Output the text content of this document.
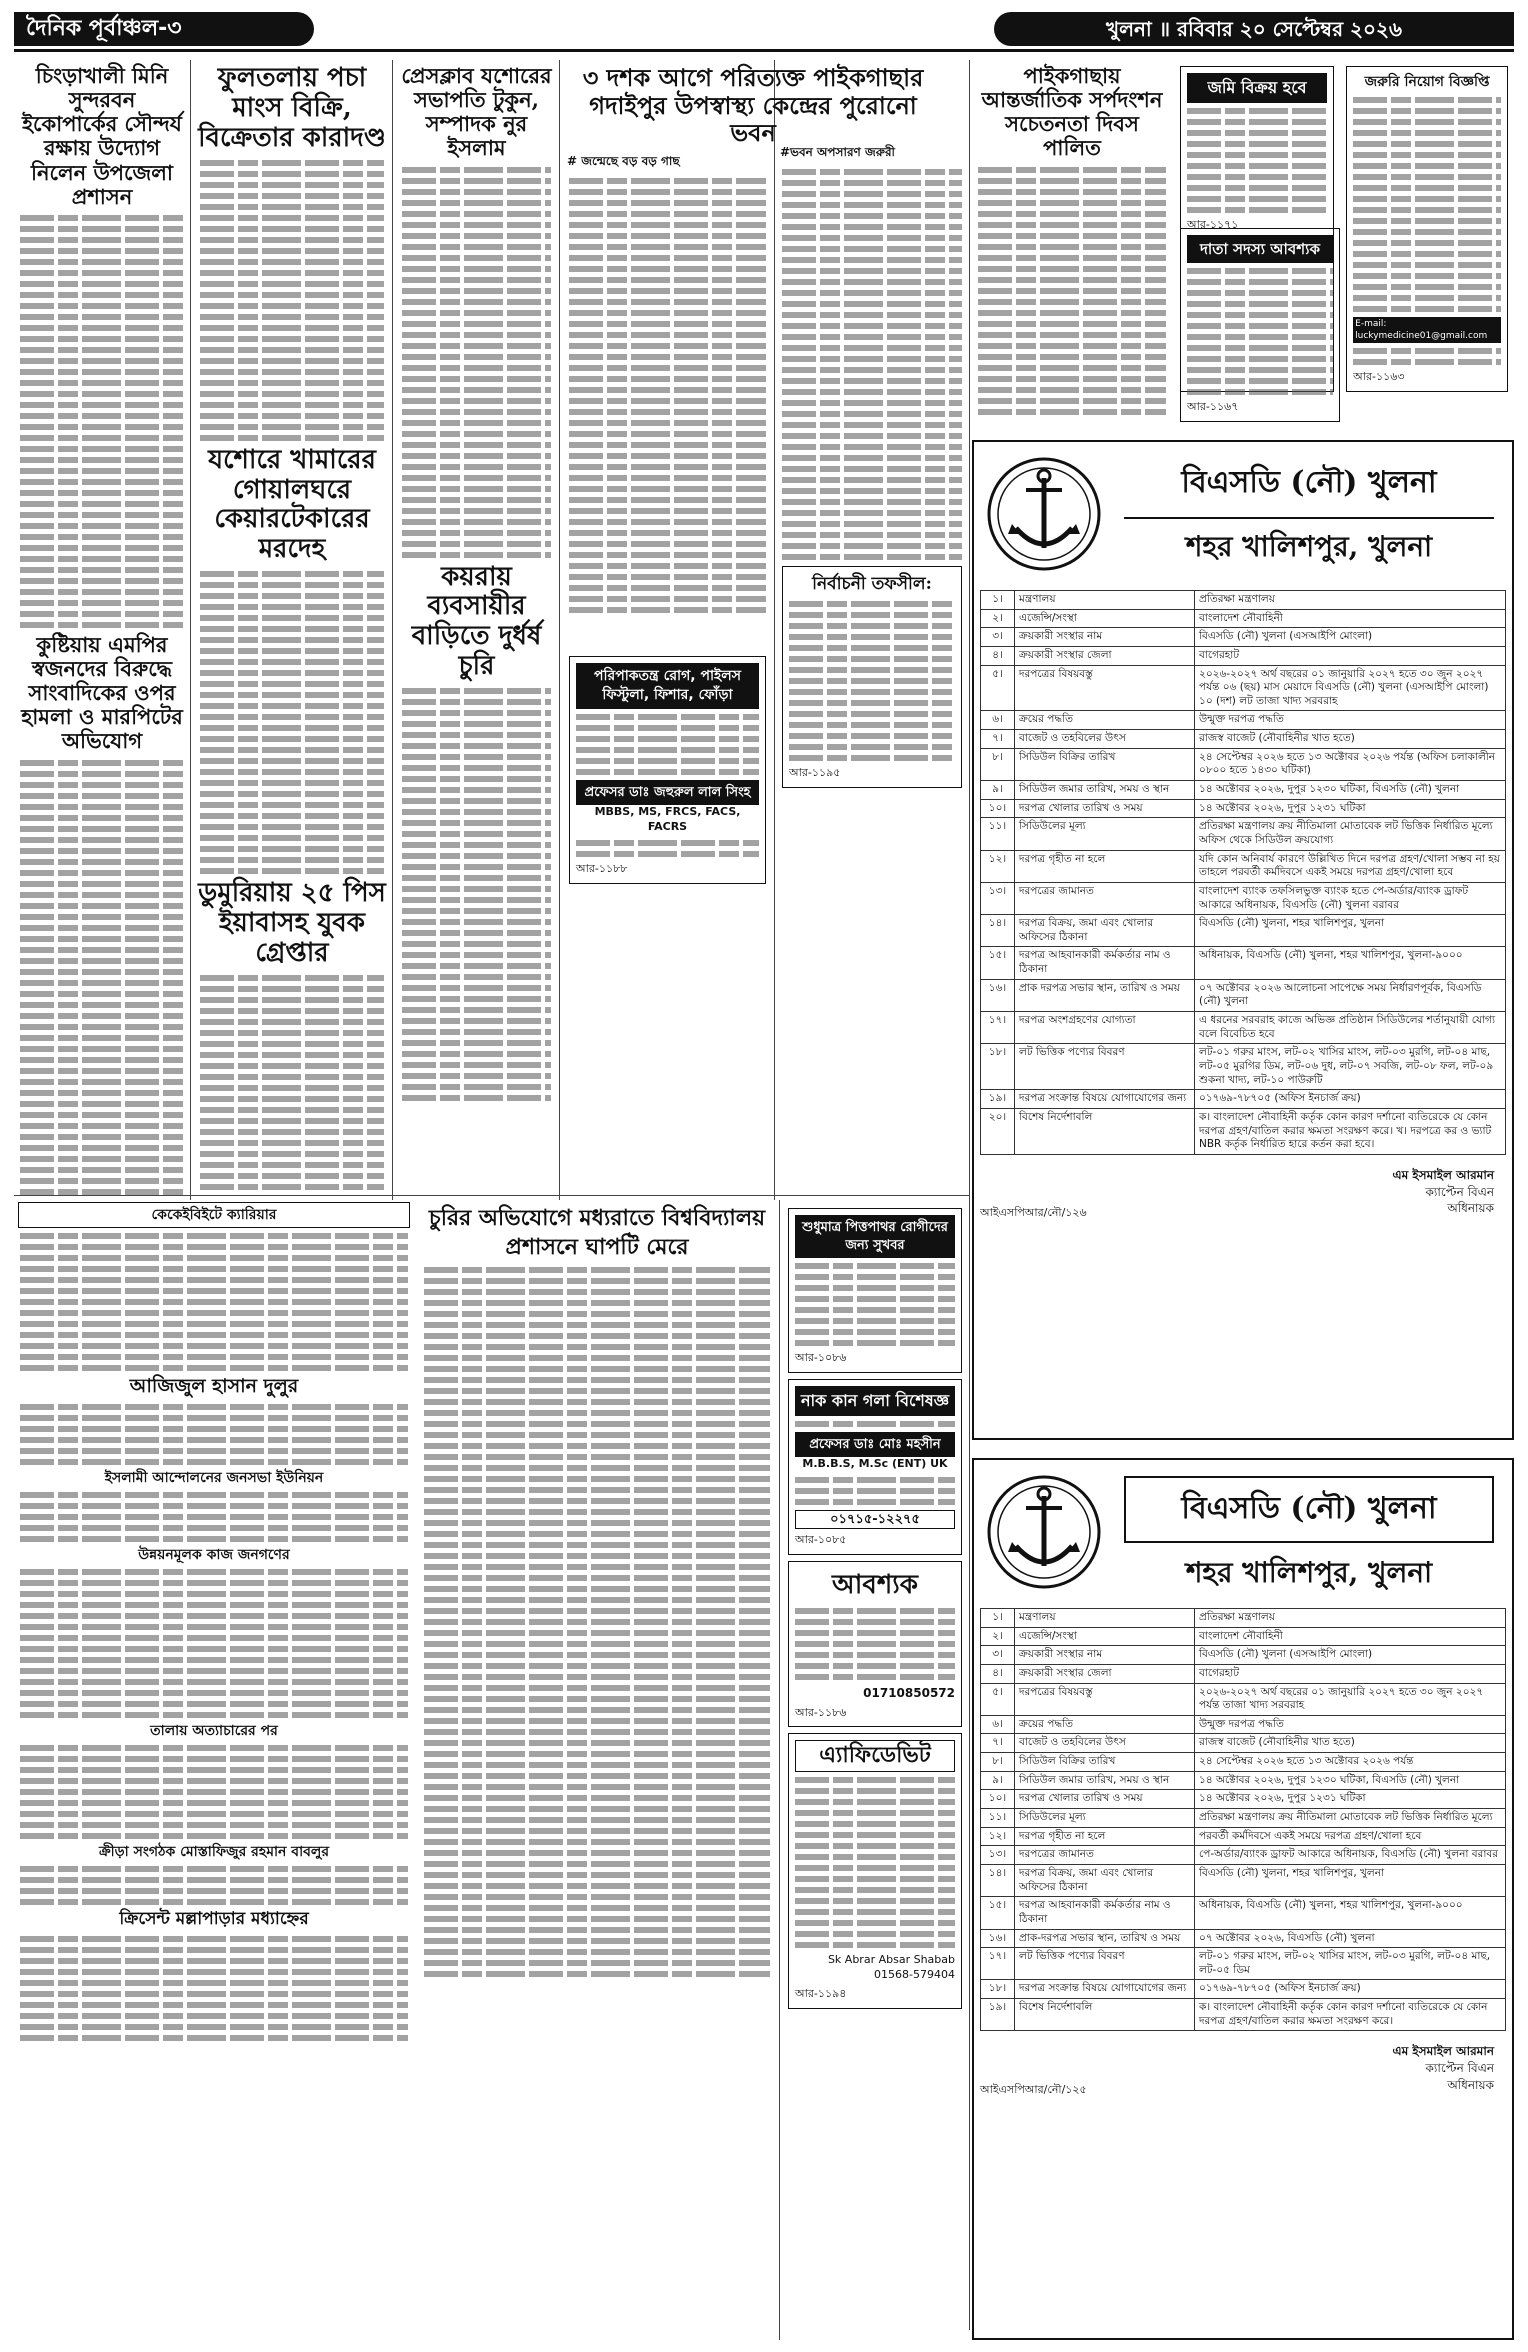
দৈনিক পূর্বাঞ্চল-৩	খুলনা ॥ রবিবার ২০ সেপ্টেম্বর ২০২৬
চিংড়াখালী মিনি সুন্দরবন ইকোপার্কের সৌন্দর্য রক্ষায় উদ্যোগ নিলেন উপজেলা প্রশাসন
কুষ্টিয়ায় এমপির স্বজনদের বিরুদ্ধে সাংবাদিকের ওপর হামলা ও মারপিটের অভিযোগ
ফুলতলায় পচা মাংস বিক্রি, বিক্রেতার কারাদণ্ড
যশোরে খামারের গোয়ালঘরে কেয়ারটেকারের মরদেহ
ডুমুরিয়ায় ২৫ পিস ইয়াবাসহ যুবক গ্রেপ্তার
প্রেসক্লাব যশোরের সভাপতি টুকুন, সম্পাদক নুর ইসলাম
কয়রায় ব্যবসায়ীর বাড়িতে দুর্ধর্ষ চুরি
৩ দশক আগে পরিত্যক্ত পাইকগাছার গদাইপুর উপস্বাস্থ্য কেন্দ্রের পুরোনো ভবন
# জন্মেছে বড় বড় গাছ
#ভবন অপসারণ জরুরী
নির্বাচনী তফসীল:
আর-১১৯৫
পরিপাকতন্ত্র রোগ, পাইলস ফিস্টুলা, ফিশার, ফোঁড়া
প্রফেসর ডাঃ জহুরুল লাল সিংহ
MBBS, MS, FRCS, FACS, FACRS
আর-১১৮৮
পাইকগাছায় আন্তর্জাতিক সর্পদংশন সচেতনতা দিবস পালিত
জমি বিক্রয় হবে
আর-১১৭১
জরুরি নিয়োগ বিজ্ঞপ্তি
E-mail: luckymedicine01@gmail.com
আর-১১৬৩
দাতা সদস্য আবশ্যক
আর-১১৬৭
বিএসডি (নৌ) খুলনা
শহর খালিশপুর, খুলনা
১।	মন্ত্রণালয়	প্রতিরক্ষা মন্ত্রণালয়
২।	এজেন্সি/সংস্থা	বাংলাদেশ নৌবাহিনী
৩।	ক্রয়কারী সংস্থার নাম	বিএসডি (নৌ) খুলনা (এসআইপি মোংলা)
৪।	ক্রয়কারী সংস্থার জেলা	বাগেরহাট
৫।	দরপত্রের বিষয়বস্তু	২০২৬-২০২৭ অর্থ বছরের ০১ জানুয়ারি ২০২৭ হতে ৩০ জুন ২০২৭ পর্যন্ত ০৬ (ছয়) মাস মেয়াদে বিএসডি (নৌ) খুলনা (এসআইপি মোংলা) ১০ (দশ) লট তাজা খাদ্য সরবরাহ
৬।	ক্রয়ের পদ্ধতি	উন্মুক্ত দরপত্র পদ্ধতি
৭।	বাজেট ও তহবিলের উৎস	রাজস্ব বাজেট (নৌবাহিনীর খাত হতে)
৮।	সিডিউল বিক্রির তারিখ	২৪ সেপ্টেম্বর ২০২৬ হতে ১৩ অক্টোবর ২০২৬ পর্যন্ত (অফিস চলাকালীন ০৮০০ হতে ১৪৩০ ঘটিকা)
৯।	সিডিউল জমার তারিখ, সময় ও স্থান	১৪ অক্টোবর ২০২৬, দুপুর ১২৩০ ঘটিকা, বিএসডি (নৌ) খুলনা
১০।	দরপত্র খোলার তারিখ ও সময়	১৪ অক্টোবর ২০২৬, দুপুর ১২৩১ ঘটিকা
১১।	সিডিউলের মূল্য	প্রতিরক্ষা মন্ত্রণালয় ক্রয় নীতিমালা মোতাবেক লট ভিত্তিক নির্ধারিত মূল্যে অফিস থেকে সিডিউল ক্রয়যোগ্য
১২।	দরপত্র গৃহীত না হলে	যদি কোন অনিবার্য কারণে উল্লিখিত দিনে দরপত্র গ্রহণ/খোলা সম্ভব না হয় তাহলে পরবর্তী কর্মদিবসে একই সময়ে দরপত্র গ্রহণ/খোলা হবে
১৩।	দরপত্রের জামানত	বাংলাদেশ ব্যাংক তফসিলভুক্ত ব্যাংক হতে পে-অর্ডার/ব্যাংক ড্রাফট আকারে অধিনায়ক, বিএসডি (নৌ) খুলনা বরাবর
১৪।	দরপত্র বিক্রয়, জমা এবং খোলার অফিসের ঠিকানা	বিএসডি (নৌ) খুলনা, শহর খালিশপুর, খুলনা
১৫।	দরপত্র আহবানকারী কর্মকর্তার নাম ও ঠিকানা	অধিনায়ক, বিএসডি (নৌ) খুলনা, শহর খালিশপুর, খুলনা-৯০০০
১৬।	প্রাক দরপত্র সভার স্থান, তারিখ ও সময়	০৭ অক্টোবর ২০২৬ আলোচনা সাপেক্ষে সময় নির্ধারণপূর্বক, বিএসডি (নৌ) খুলনা
১৭।	দরপত্র অংশগ্রহণের যোগ্যতা	এ ধরনের সরবরাহ কাজে অভিজ্ঞ প্রতিষ্ঠান সিডিউলের শর্তানুযায়ী যোগ্য বলে বিবেচিত হবে
১৮।	লট ভিত্তিক পণ্যের বিবরণ	লট-০১ গরুর মাংস, লট-০২ খাসির মাংস, লট-০৩ মুরগি, লট-০৪ মাছ, লট-০৫ মুরগির ডিম, লট-০৬ দুধ, লট-০৭ সবজি, লট-০৮ ফল, লট-০৯ শুকনা খাদ্য, লট-১০ পাউরুটি
১৯।	দরপত্র সংক্রান্ত বিষয়ে যোগাযোগের জন্য	০১৭৬৯-৭৮৭০৫ (অফিস ইনচার্জ ক্রয়)
২০।	বিশেষ নির্দেশাবলি	ক। বাংলাদেশ নৌবাহিনী কর্তৃক কোন কারণ দর্শানো ব্যতিরেকে যে কোন দরপত্র গ্রহণ/বাতিল করার ক্ষমতা সংরক্ষণ করে। খ। দরপত্রে কর ও ভ্যাট NBR কর্তৃক নির্ধারিত হারে কর্তন করা হবে।
আইএসপিআর/নৌ/১২৬
এম ইসমাইল আরমান
ক্যাপ্টেন বিএন
অধিনায়ক
বিএসডি (নৌ) খুলনা
শহর খালিশপুর, খুলনা
১।	মন্ত্রণালয়	প্রতিরক্ষা মন্ত্রণালয়
২।	এজেন্সি/সংস্থা	বাংলাদেশ নৌবাহিনী
৩।	ক্রয়কারী সংস্থার নাম	বিএসডি (নৌ) খুলনা (এসআইপি মোংলা)
৪।	ক্রয়কারী সংস্থার জেলা	বাগেরহাট
৫।	দরপত্রের বিষয়বস্তু	২০২৬-২০২৭ অর্থ বছরের ০১ জানুয়ারি ২০২৭ হতে ৩০ জুন ২০২৭ পর্যন্ত তাজা খাদ্য সরবরাহ
৬।	ক্রয়ের পদ্ধতি	উন্মুক্ত দরপত্র পদ্ধতি
৭।	বাজেট ও তহবিলের উৎস	রাজস্ব বাজেট (নৌবাহিনীর খাত হতে)
৮।	সিডিউল বিক্রির তারিখ	২৪ সেপ্টেম্বর ২০২৬ হতে ১৩ অক্টোবর ২০২৬ পর্যন্ত
৯।	সিডিউল জমার তারিখ, সময় ও স্থান	১৪ অক্টোবর ২০২৬, দুপুর ১২৩০ ঘটিকা, বিএসডি (নৌ) খুলনা
১০।	দরপত্র খোলার তারিখ ও সময়	১৪ অক্টোবর ২০২৬, দুপুর ১২৩১ ঘটিকা
১১।	সিডিউলের মূল্য	প্রতিরক্ষা মন্ত্রণালয় ক্রয় নীতিমালা মোতাবেক লট ভিত্তিক নির্ধারিত মূল্যে
১২।	দরপত্র গৃহীত না হলে	পরবর্তী কর্মদিবসে একই সময়ে দরপত্র গ্রহণ/খোলা হবে
১৩।	দরপত্রের জামানত	পে-অর্ডার/ব্যাংক ড্রাফট আকারে অধিনায়ক, বিএসডি (নৌ) খুলনা বরাবর
১৪।	দরপত্র বিক্রয়, জমা এবং খোলার অফিসের ঠিকানা	বিএসডি (নৌ) খুলনা, শহর খালিশপুর, খুলনা
১৫।	দরপত্র আহবানকারী কর্মকর্তার নাম ও ঠিকানা	অধিনায়ক, বিএসডি (নৌ) খুলনা, শহর খালিশপুর, খুলনা-৯০০০
১৬।	প্রাক-দরপত্র সভার স্থান, তারিখ ও সময়	০৭ অক্টোবর ২০২৬, বিএসডি (নৌ) খুলনা
১৭।	লট ভিত্তিক পণ্যের বিবরণ	লট-০১ গরুর মাংস, লট-০২ খাসির মাংস, লট-০৩ মুরগি, লট-০৪ মাছ, লট-০৫ ডিম
১৮।	দরপত্র সংক্রান্ত বিষয়ে যোগাযোগের জন্য	০১৭৬৯-৭৮৭০৫ (অফিস ইনচার্জ ক্রয়)
১৯।	বিশেষ নির্দেশাবলি	ক। বাংলাদেশ নৌবাহিনী কর্তৃক কোন কারণ দর্শানো ব্যতিরেকে যে কোন দরপত্র গ্রহণ/বাতিল করার ক্ষমতা সংরক্ষণ করে।
আইএসপিআর/নৌ/১২৫
এম ইসমাইল আরমান
ক্যাপ্টেন বিএন
অধিনায়ক
কেকেইবিইটে ক্যারিয়ার
আজিজুল হাসান দুলুর
ইসলামী আন্দোলনের জনসভা ইউনিয়ন
উন্নয়নমূলক কাজ জনগণের
তালায় অত্যাচারের পর
ক্রীড়া সংগঠক মোস্তাফিজুর রহমান বাবলুর
ক্রিসেন্ট মল্লাপাড়ার মধ্যাহ্নের
চুরির অভিযোগে মধ্যরাতে বিশ্ববিদ্যালয়
প্রশাসনে ঘাপটি মেরে
শুধুমাত্র পিত্তপাথর রোগীদের জন্য সুখবর
আর-১০৮৬
নাক কান গলা বিশেষজ্ঞ
প্রফেসর ডাঃ মোঃ মহসীন
M.B.B.S, M.Sc (ENT) UK
০১৭১৫-১২২৭৫
আর-১০৮৫
আবশ্যক
01710850572
আর-১১৮৬
এ্যাফিডেভিট
Sk Abrar Absar Shabab
01568-579404
আর-১১৯৪
